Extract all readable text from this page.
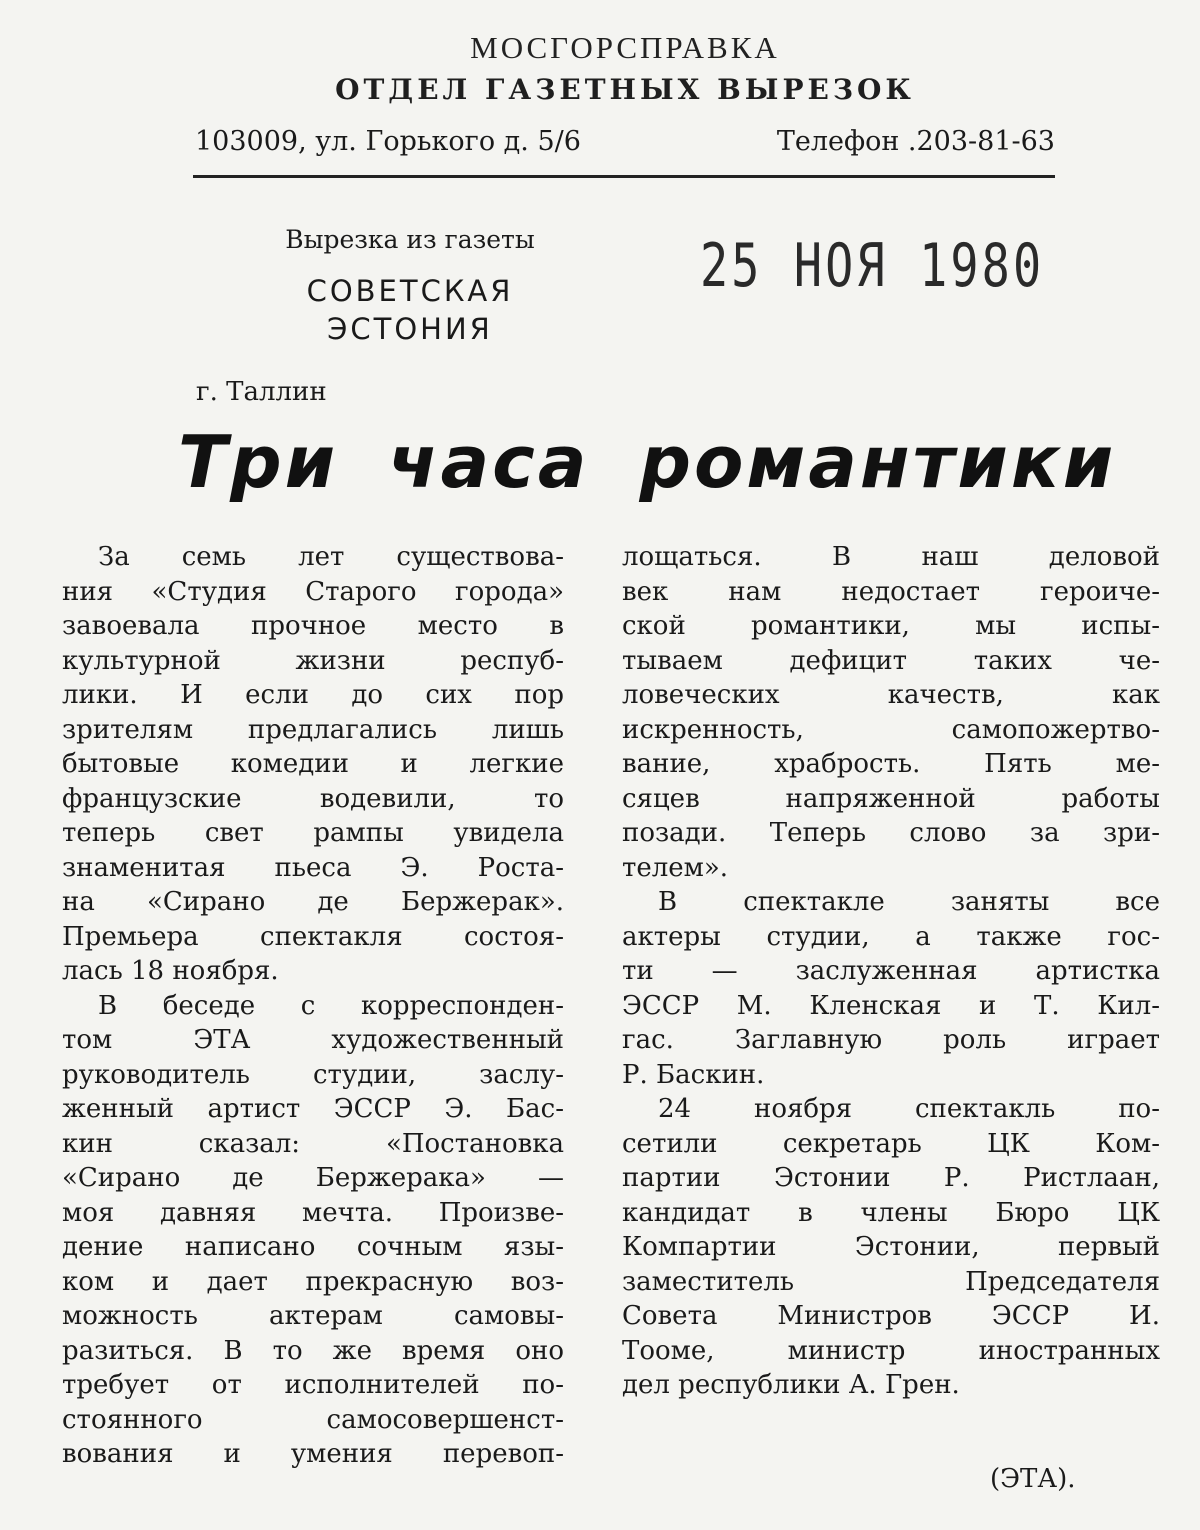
МОСГОРСПРАВКА
ОТДЕЛ ГАЗЕТНЫХ ВЫРЕЗОК
103009, ул. Горького д. 5/6	Телефон .203-81-63
Вырезка из газеты
СОВЕТСКАЯ
ЭСТОНИЯ
25 НОЯ 1980
г. Таллин
Три часа романтики
За семь лет существова-
ния «Студия Старого города»
завоевала прочное место в
культурной жизни респуб-
лики. И если до сих пор
зрителям предлагались лишь
бытовые комедии и легкие
французские водевили, то
теперь свет рампы увидела
знаменитая пьеса Э. Роста-
на «Сирано де Бержерак».
Премьера спектакля состоя-
лась 18 ноября.
В беседе с корреспонден-
том ЭТА художественный
руководитель студии, заслу-
женный артист ЭССР Э. Бас-
кин сказал: «Постановка
«Сирано де Бержерака» —
моя давняя мечта. Произве-
дение написано сочным язы-
ком и дает прекрасную воз-
можность актерам самовы-
разиться. В то же время оно
требует от исполнителей по-
стоянного самосовершенст-
вования и умения перевоп-
лощаться. В наш деловой
век нам недостает героиче-
ской романтики, мы испы-
тываем дефицит таких че-
ловеческих качеств, как
искренность, самопожертво-
вание, храбрость. Пять ме-
сяцев напряженной работы
позади. Теперь слово за зри-
телем».
В спектакле заняты все
актеры студии, а также гос-
ти — заслуженная артистка
ЭССР М. Кленская и Т. Кил-
гас. Заглавную роль играет
Р. Баскин.
24 ноября спектакль по-
сетили секретарь ЦК Ком-
партии Эстонии Р. Ристлаан,
кандидат в члены Бюро ЦК
Компартии Эстонии, первый
заместитель Председателя
Совета Министров ЭССР И.
Тооме, министр иностранных
дел республики А. Грен.
(ЭТА).
